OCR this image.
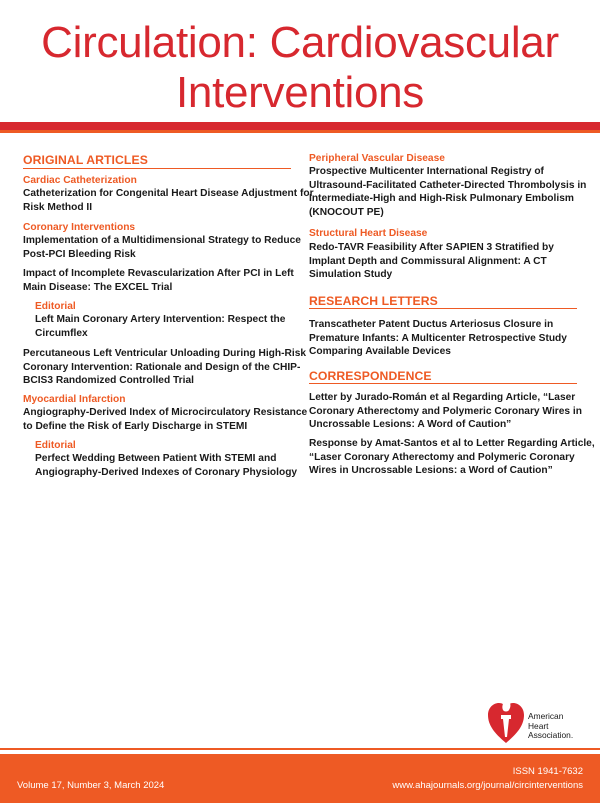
Circulation: Cardiovascular
Interventions
ORIGINAL ARTICLES
Cardiac Catheterization
Catheterization for Congenital Heart Disease Adjustment for
Risk Method II
Coronary Interventions
Implementation of a Multidimensional Strategy to Reduce
Post-PCI Bleeding Risk
Impact of Incomplete Revascularization After PCI in Left
Main Disease: The EXCEL Trial
Editorial
Left Main Coronary Artery Intervention: Respect the
Circumflex
Percutaneous Left Ventricular Unloading During High-Risk
Coronary Intervention: Rationale and Design of the CHIP-
BCIS3 Randomized Controlled Trial
Myocardial Infarction
Angiography-Derived Index of Microcirculatory Resistance
to Define the Risk of Early Discharge in STEMI
Editorial
Perfect Wedding Between Patient With STEMI and
Angiography-Derived Indexes of Coronary Physiology
Peripheral Vascular Disease
Prospective Multicenter International Registry of
Ultrasound-Facilitated Catheter-Directed Thrombolysis in
Intermediate-High and High-Risk Pulmonary Embolism
(KNOCOUT PE)
Structural Heart Disease
Redo-TAVR Feasibility After SAPIEN 3 Stratified by
Implant Depth and Commissural Alignment: A CT
Simulation Study
RESEARCH LETTERS
Transcatheter Patent Ductus Arteriosus Closure in
Premature Infants: A Multicenter Retrospective Study
Comparing Available Devices
CORRESPONDENCE
Letter by Jurado-Román et al Regarding Article, “Laser
Coronary Atherectomy and Polymeric Coronary Wires in
Uncrossable Lesions: A Word of Caution”
Response by Amat-Santos et al to Letter Regarding Article,
“Laser Coronary Atherectomy and Polymeric Coronary
Wires in Uncrossable Lesions: a Word of Caution”
American
Heart
Association.
ISSN 1941-7632
Volume 17, Number 3, March 2024	www.ahajournals.org/journal/circinterventions
